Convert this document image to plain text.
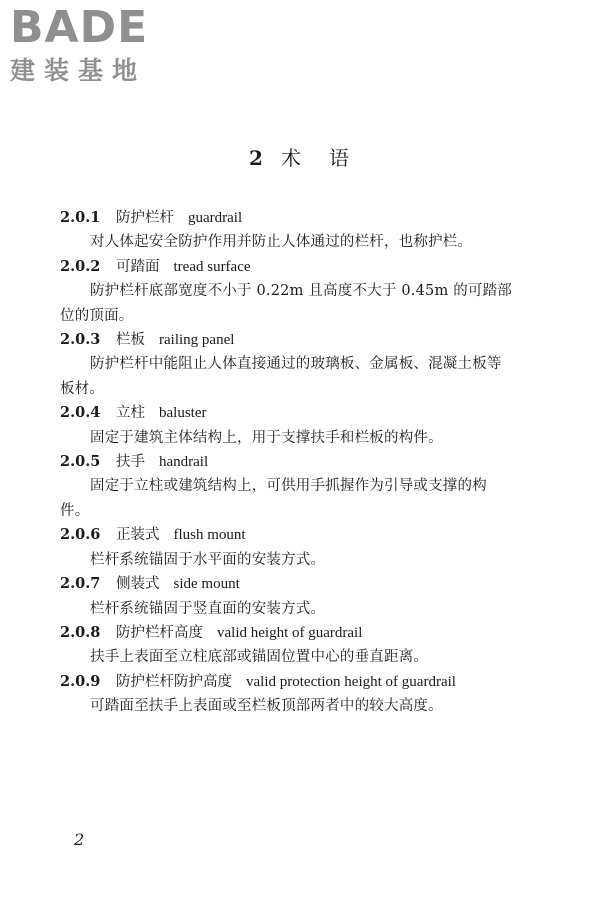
BADE
建装基地
2 术 语
2.0.1 防护栏杆 guardrail
对人体起安全防护作用并防止人体通过的栏杆，也称护栏。
2.0.2 可踏面 tread surface
防护栏杆底部宽度不小于 0.22m 且高度不大于 0.45m 的可踏部位的顶面。
2.0.3 栏板 railing panel
防护栏杆中能阻止人体直接通过的玻璃板、金属板、混凝土板等板材。
2.0.4 立柱 baluster
固定于建筑主体结构上，用于支撑扶手和栏板的构件。
2.0.5 扶手 handrail
固定于立柱或建筑结构上，可供用手抓握作为引导或支撑的构件。
2.0.6 正装式 flush mount
栏杆系统锚固于水平面的安装方式。
2.0.7 侧装式 side mount
栏杆系统锚固于竖直面的安装方式。
2.0.8 防护栏杆高度 valid height of guardrail
扶手上表面至立柱底部或锚固位置中心的垂直距离。
2.0.9 防护栏杆防护高度 valid protection height of guardrail
可踏面至扶手上表面或至栏板顶部两者中的较大高度。
2
